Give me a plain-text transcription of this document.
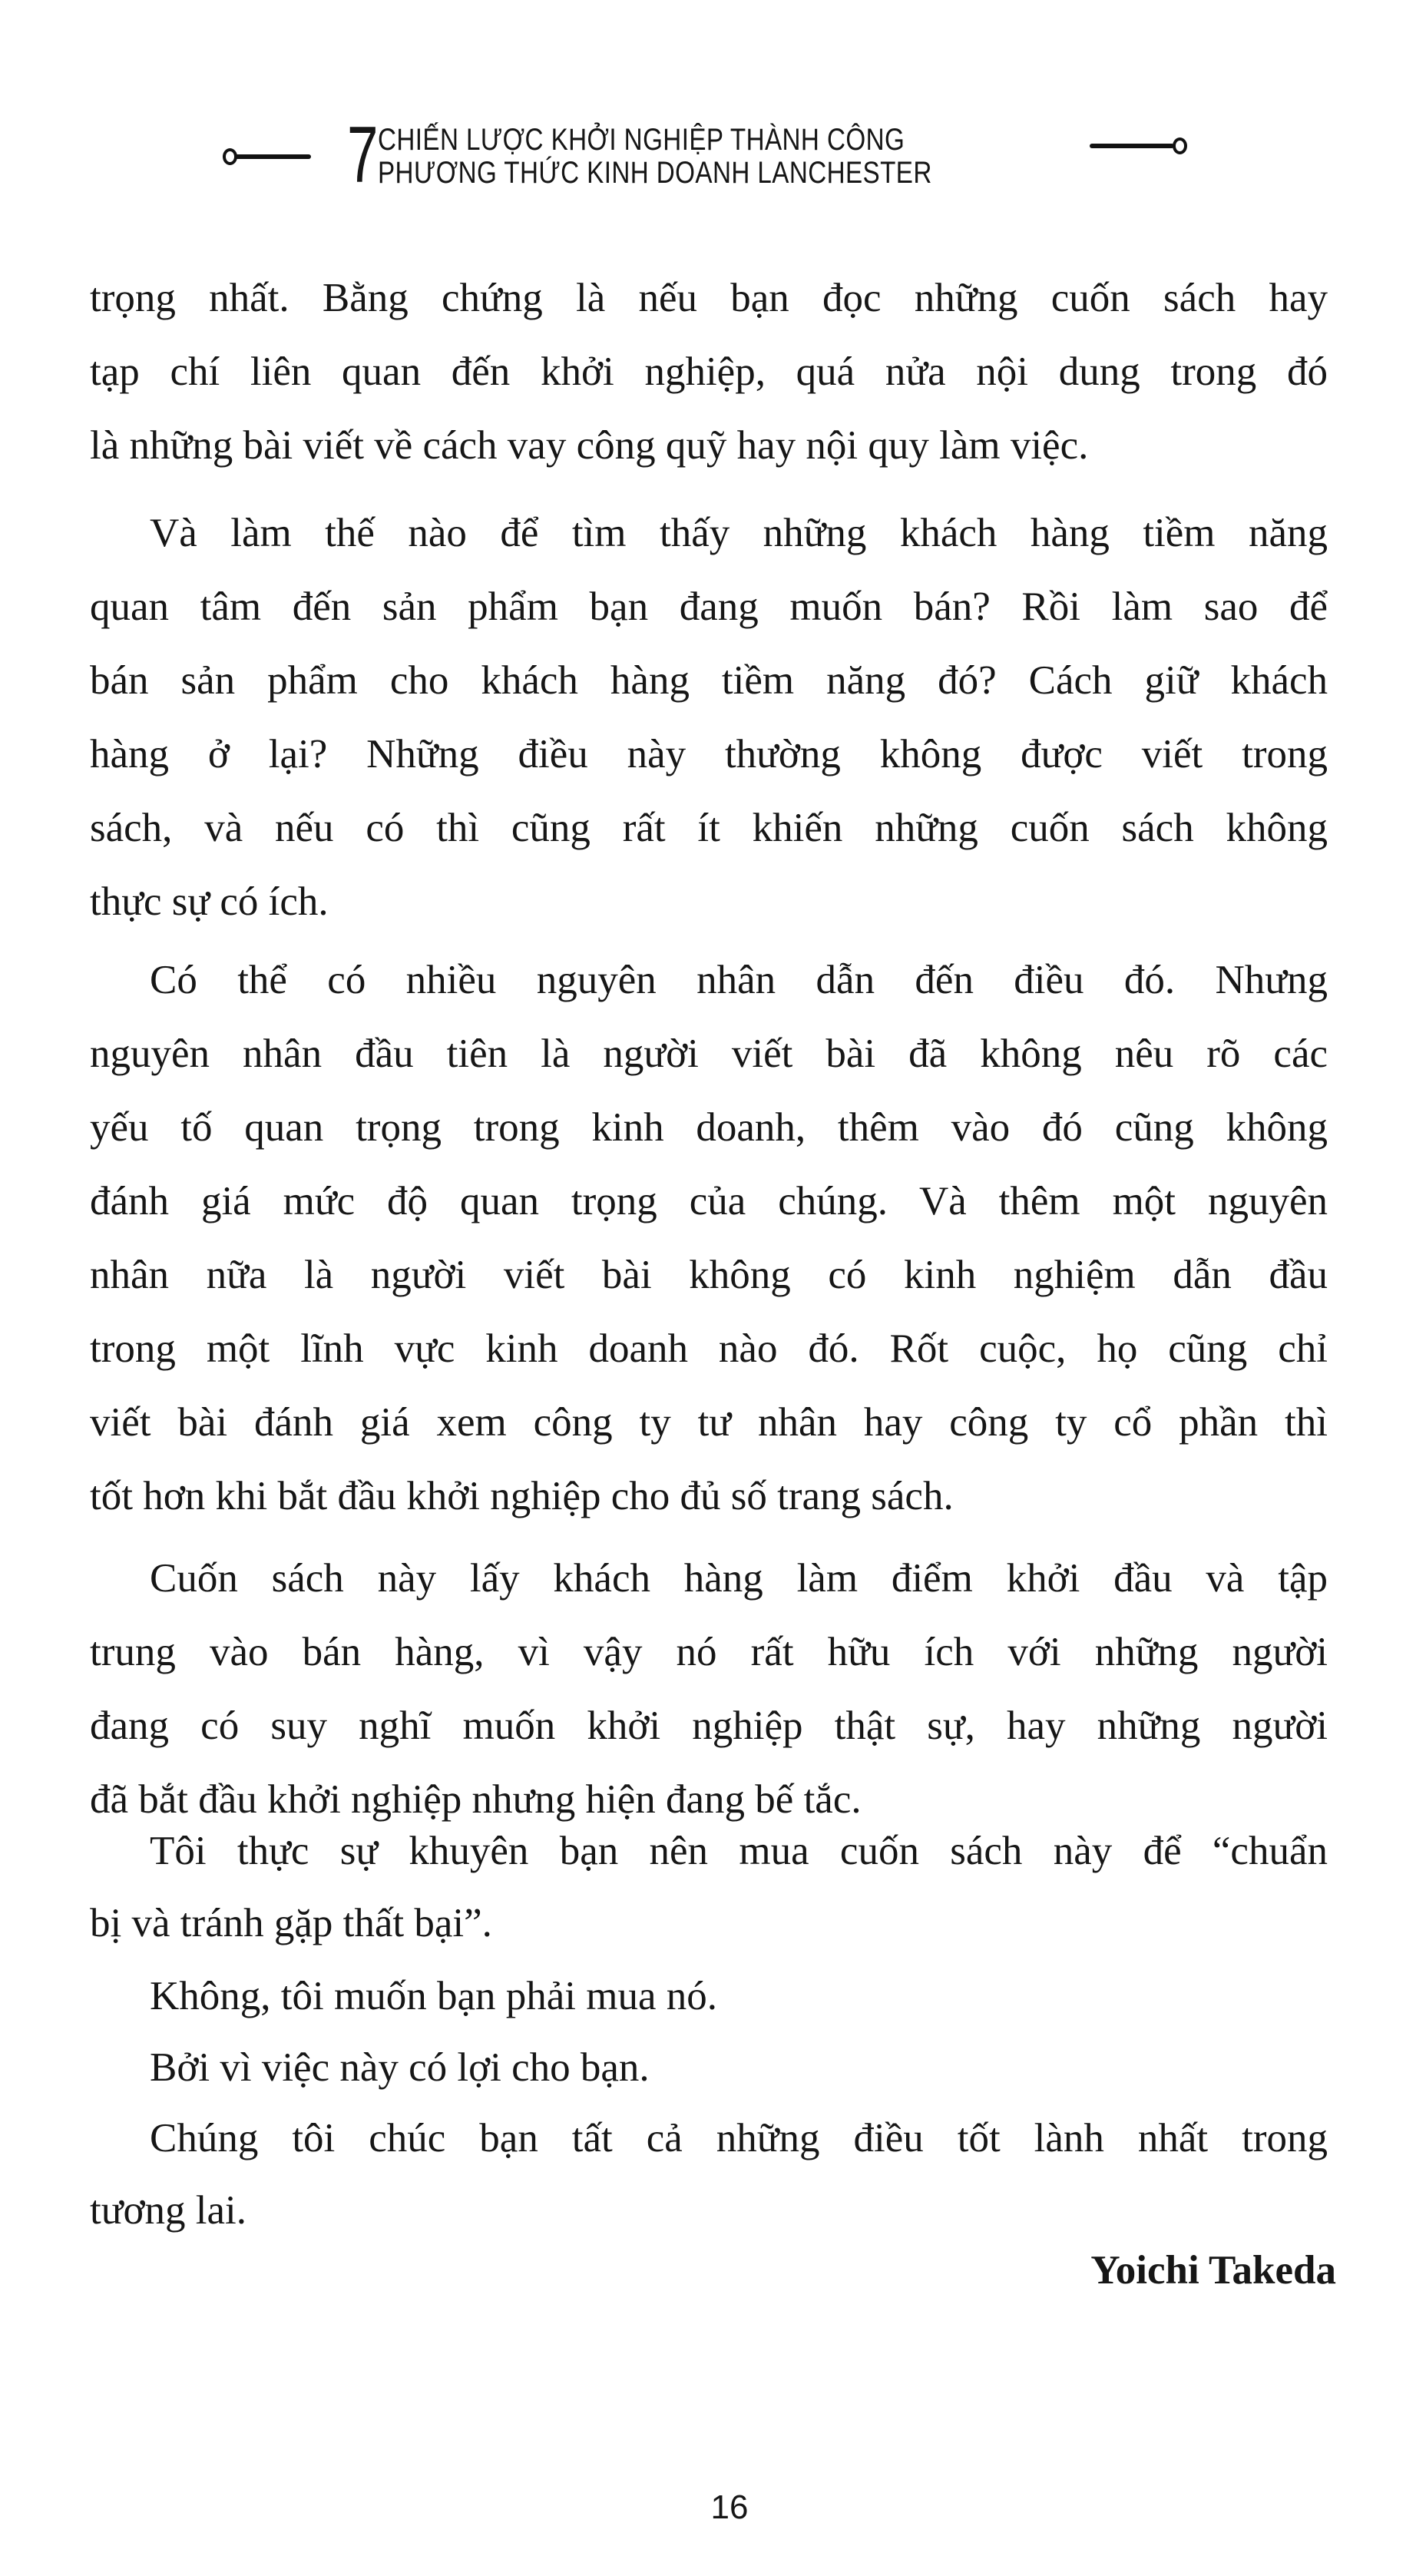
7 CHIẾN LƯỢC KHỞI NGHIỆP THÀNH CÔNG
PHƯƠNG THỨC KINH DOANH LANCHESTER
trọng nhất. Bằng chứng là nếu bạn đọc những cuốn sách hay
tạp chí liên quan đến khởi nghiệp, quá nửa nội dung trong đó
là những bài viết về cách vay công quỹ hay nội quy làm việc.
Và làm thế nào để tìm thấy những khách hàng tiềm năng
quan tâm đến sản phẩm bạn đang muốn bán? Rồi làm sao để
bán sản phẩm cho khách hàng tiềm năng đó? Cách giữ khách
hàng ở lại? Những điều này thường không được viết trong
sách, và nếu có thì cũng rất ít khiến những cuốn sách không
thực sự có ích.
Có thể có nhiều nguyên nhân dẫn đến điều đó. Nhưng
nguyên nhân đầu tiên là người viết bài đã không nêu rõ các
yếu tố quan trọng trong kinh doanh, thêm vào đó cũng không
đánh giá mức độ quan trọng của chúng. Và thêm một nguyên
nhân nữa là người viết bài không có kinh nghiệm dẫn đầu
trong một lĩnh vực kinh doanh nào đó. Rốt cuộc, họ cũng chỉ
viết bài đánh giá xem công ty tư nhân hay công ty cổ phần thì
tốt hơn khi bắt đầu khởi nghiệp cho đủ số trang sách.
Cuốn sách này lấy khách hàng làm điểm khởi đầu và tập
trung vào bán hàng, vì vậy nó rất hữu ích với những người
đang có suy nghĩ muốn khởi nghiệp thật sự, hay những người
đã bắt đầu khởi nghiệp nhưng hiện đang bế tắc.
Tôi thực sự khuyên bạn nên mua cuốn sách này để “chuẩn
bị và tránh gặp thất bại”.
Không, tôi muốn bạn phải mua nó.
Bởi vì việc này có lợi cho bạn.
Chúng tôi chúc bạn tất cả những điều tốt lành nhất trong
tương lai.
Yoichi Takeda
16
